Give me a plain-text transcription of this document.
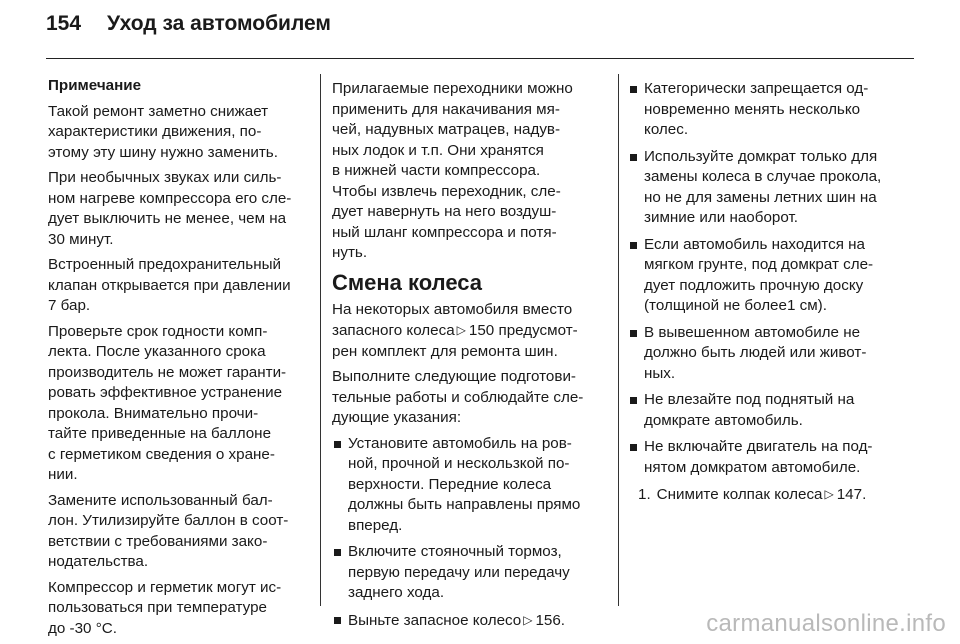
154 Уход за автомобилем

Примечание

Такой ремонт заметно снижает
характеристики движения, по-
этому эту шину нужно заменить.

При необычных звуках или силь-
ном нагреве компрессора его сле-
дует выключить не менее, чем на
30 минут.

Встроенный предохранительный
клапан открывается при давлении
7 бар.

Проверьте срок годности комп-
лекта. После указанного срока
производитель не может гаранти-
ровать эффективное устранение
прокола. Внимательно прочи-
тайте приведенные на баллоне
с герметиком сведения о хране-
нии.

Замените использованный бал-
лон. Утилизируйте баллон в соот-
ветствии с требованиями зако-
нодательства.

Компрессор и герметик могут ис-
пользоваться при температуре
до -30 °C.

Прилагаемые переходники можно
применить для накачивания мя-
чей, надувных матрацев, надув-
ных лодок и т.п. Они хранятся
в нижней части компрессора.
Чтобы извлечь переходник, сле-
дует навернуть на него воздуш-
ный шланг компрессора и потя-
нуть.

Смена колеса

На некоторых автомобиля вместо
запасного колеса ▷ 150 предусмот-
рен комплект для ремонта шин.

Выполните следующие подготови-
тельные работы и соблюдайте сле-
дующие указания:

Установите автомобиль на ров-
ной, прочной и нескользкой по-
верхности. Передние колеса
должны быть направлены прямо
вперед.
Включите стояночный тормоз,
первую передачу или передачу
заднего хода.
Выньте запасное колесо ▷ 156.
Категорически запрещается од-
новременно менять несколько
колес.
Используйте домкрат только для
замены колеса в случае прокола,
но не для замены летних шин на
зимние или наоборот.
Если автомобиль находится на
мягком грунте, под домкрат сле-
дует подложить прочную доску
(толщиной не более1 см).
В вывешенном автомобиле не
должно быть людей или живот-
ных.
Не влезайте под поднятый на
домкрате автомобиль.
Не включайте двигатель на под-
нятом домкратом автомобиле.
1. Снимите колпак колеса ▷ 147.
carmanualsonline.info
